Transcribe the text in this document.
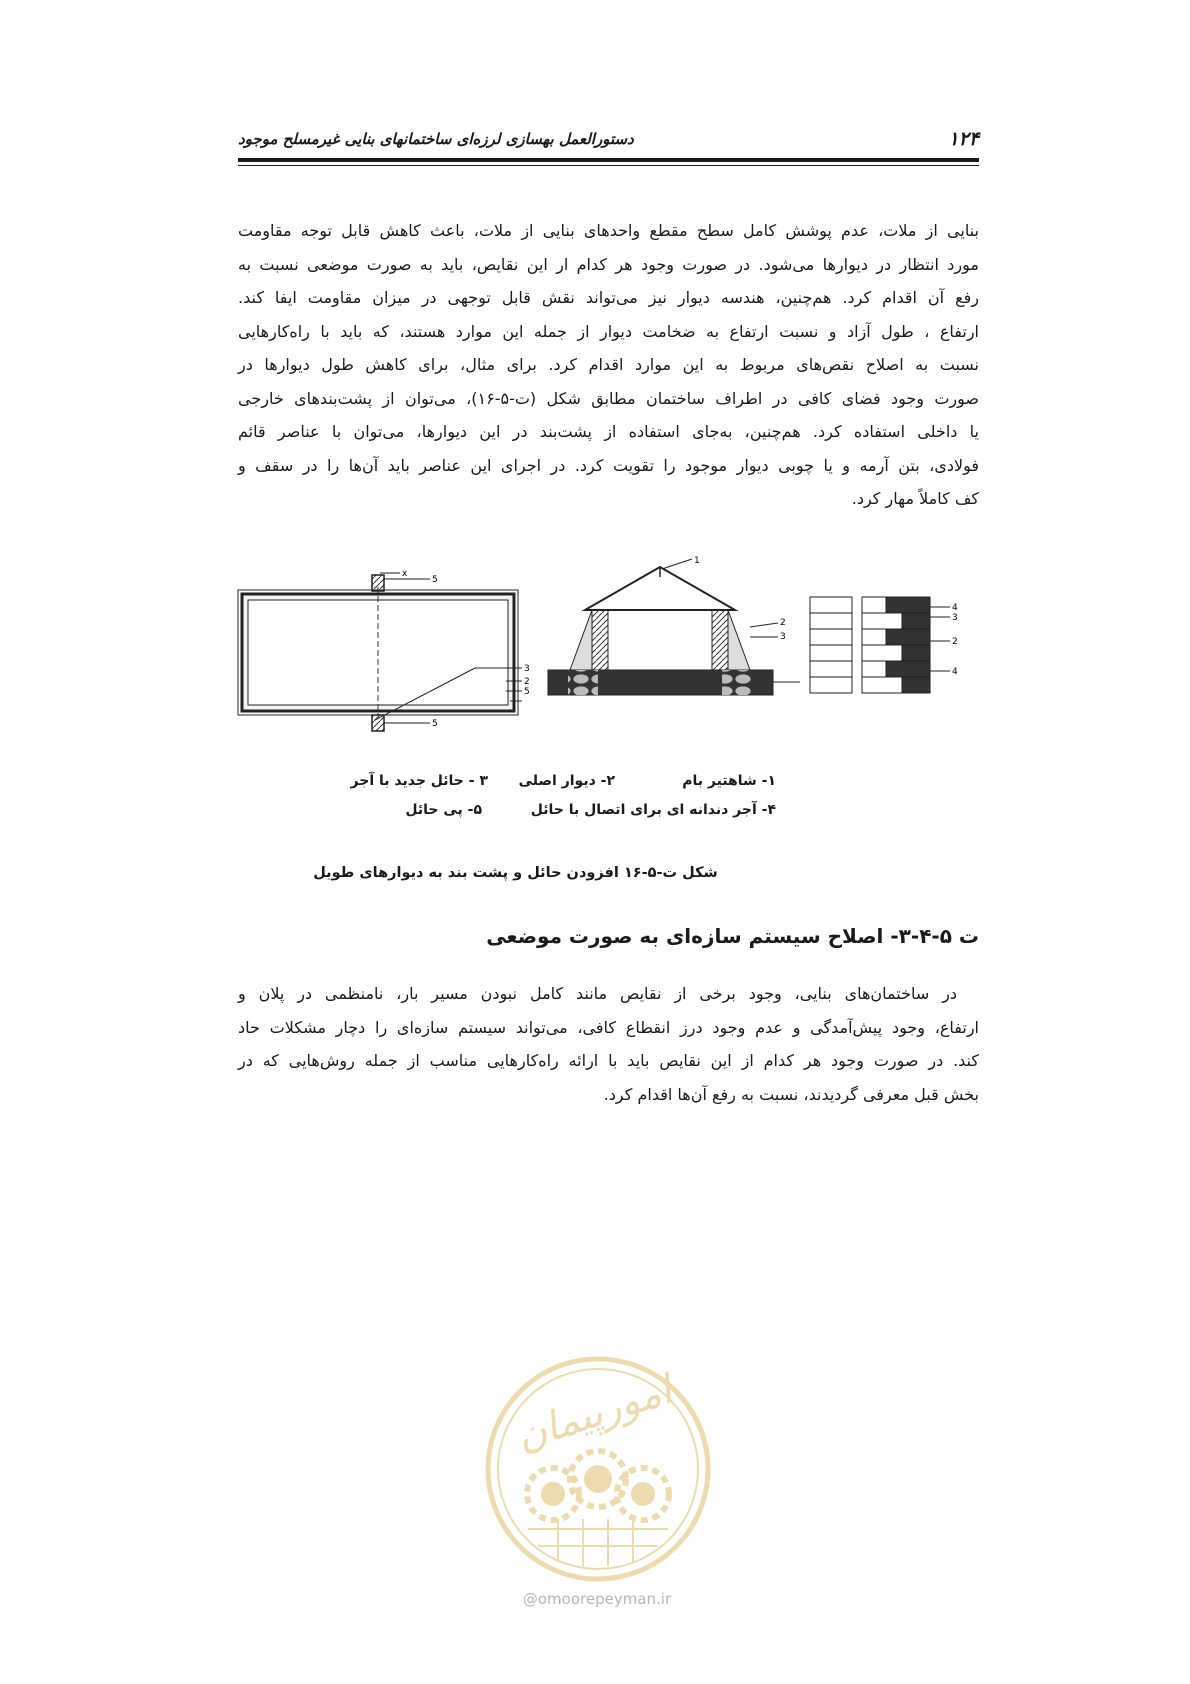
۱۲۴
دستورالعمل بهسازی لرزه‌ای ساختمانهای بنایی غیرمسلح موجود
بنایی از ملات، عدم پوشش کامل سطح مقطع واحدهای بنایی از ملات، باعث کاهش قابل توجه مقاومت
مورد انتظار در دیوارها می‌شود. در صورت وجود هر کدام ار این نقایص، باید به صورت موضعی نسبت به
رفع آن اقدام کرد. هم‌چنین، هندسه دیوار نیز می‌تواند نقش قابل توجهی در میزان مقاومت ایفا کند.
ارتفاع ، طول آزاد و نسبت ارتفاع به ضخامت دیوار از جمله این موارد هستند، که باید با راه‌کارهایی
نسبت به اصلاح نقص‌های مربوط به این موارد اقدام کرد. برای مثال، برای کاهش طول دیوارها در
صورت وجود فضای کافی در اطراف ساختمان مطابق شکل (ت-۵-۱۶)، می‌توان از پشت‌بندهای خارجی
یا داخلی استفاده کرد. هم‌چنین، به‌جای استفاده از پشت‌بند در این دیوارها، می‌توان با عناصر قائم
فولادی، بتن آرمه و یا چوبی دیوار موجود را تقویت کرد. در اجرای این عناصر باید آن‌ها را در سقف و
کف کاملاً مهار کرد.
x
5
5
3
2
5
1
2
3
4
3
2
4
۱- شاهتیر بام
۲- دیوار اصلی
۳ - حائل جدید با آجر
۴- آجر دندانه ای برای اتصال با حائل
۵- پی حائل
شکل ت-۵-۱۶ افزودن حائل و پشت بند به دیوارهای طویل
ت ۵-۴-۳- اصلاح سیستم سازه‌ای به صورت موضعی
در ساختمان‌های بنایی، وجود برخی از نقایص مانند کامل نبودن مسیر بار، نامنظمی در پلان و
ارتفاع، وجود پیش‌آمدگی و عدم وجود درز انقطاع کافی، می‌تواند سیستم سازه‌ای را دچار مشکلات حاد
کند. در صورت وجود هر کدام از این نقایص باید با ارائه راه‌کارهایی مناسب از جمله روش‌هایی که در
بخش قبل معرفی گردیدند، نسبت به رفع آن‌ها اقدام کرد.
امورپیمان
@omoorepeyman.ir
